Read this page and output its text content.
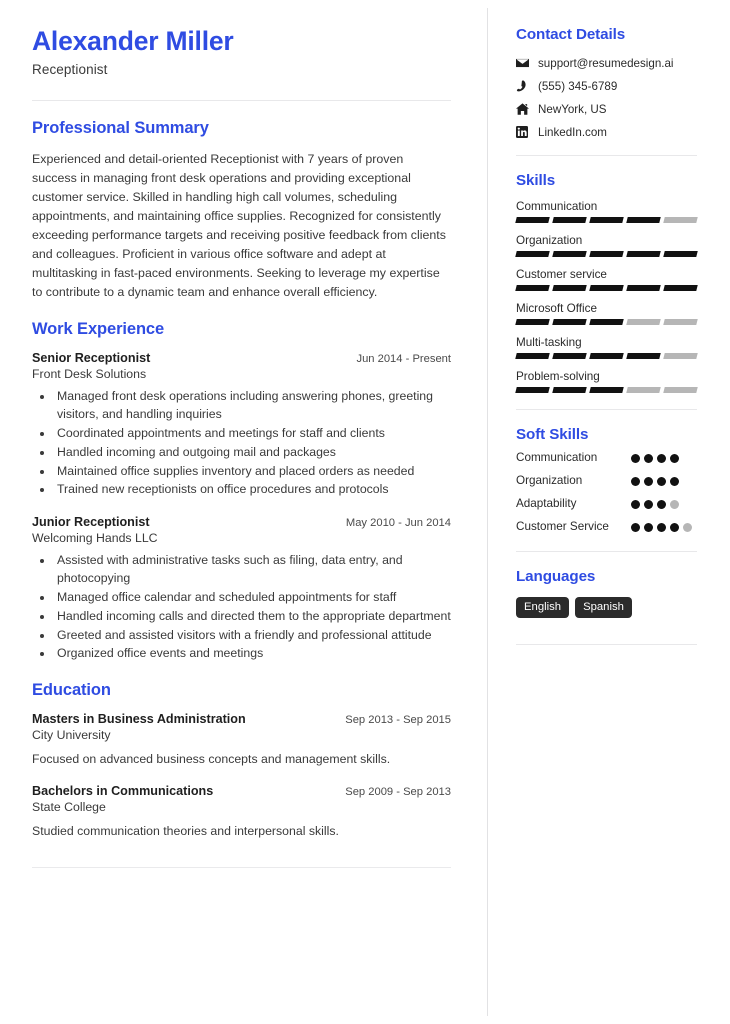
Alexander Miller
Receptionist
Professional Summary
Experienced and detail-oriented Receptionist with 7 years of proven success in managing front desk operations and providing exceptional customer service. Skilled in handling high call volumes, scheduling appointments, and maintaining office supplies. Recognized for consistently exceeding performance targets and receiving positive feedback from clients and colleagues. Proficient in various office software and adept at multitasking in fast-paced environments. Seeking to leverage my expertise to contribute to a dynamic team and enhance overall efficiency.
Work Experience
Senior Receptionist	Jun 2014 - Present
Front Desk Solutions
• Managed front desk operations including answering phones, greeting visitors, and handling inquiries
• Coordinated appointments and meetings for staff and clients
• Handled incoming and outgoing mail and packages
• Maintained office supplies inventory and placed orders as needed
• Trained new receptionists on office procedures and protocols
Junior Receptionist	May 2010 - Jun 2014
Welcoming Hands LLC
• Assisted with administrative tasks such as filing, data entry, and photocopying
• Managed office calendar and scheduled appointments for staff
• Handled incoming calls and directed them to the appropriate department
• Greeted and assisted visitors with a friendly and professional attitude
• Organized office events and meetings
Education
Masters in Business Administration	Sep 2013 - Sep 2015
City University
Focused on advanced business concepts and management skills.
Bachelors in Communications	Sep 2009 - Sep 2013
State College
Studied communication theories and interpersonal skills.
Contact Details
support@resumedesign.ai
(555) 345-6789
NewYork, US
LinkedIn.com
Skills
Communication
Organization
Customer service
Microsoft Office
Multi-tasking
Problem-solving
Soft Skills
Communication
Organization
Adaptability
Customer Service
Languages
English	Spanish
